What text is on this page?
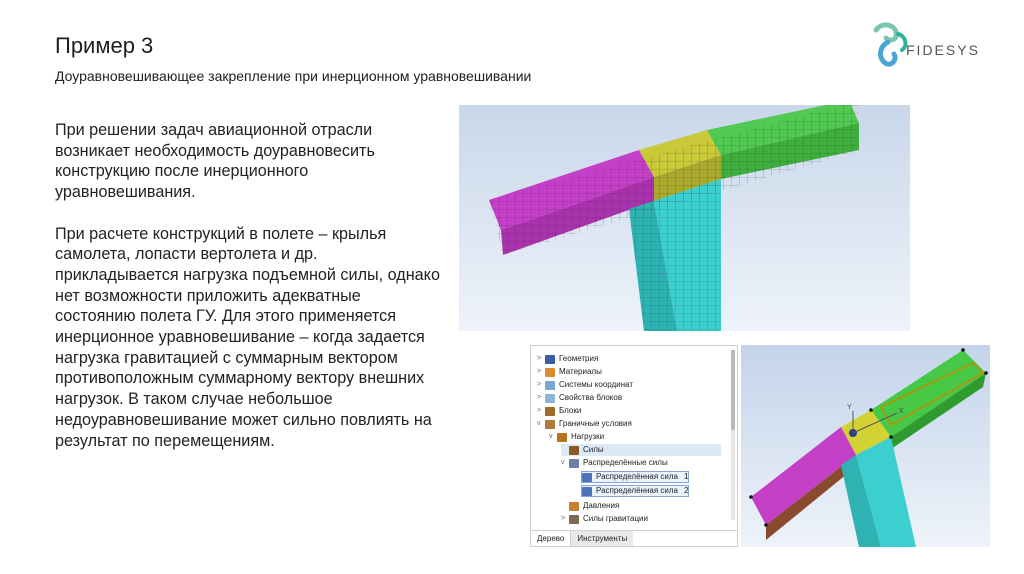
Пример 3
Доуравновешивающее закрепление при инерционном уравновешивании
FIDESYS

При решении задач авиационной отрасли возникает необходимость доуравновесить конструкцию после инерционного уравновешивания.

При расчете конструкций в полете – крылья самолета, лопасти вертолета и др. прикладывается нагрузка подъемной силы, однако нет возможности приложить адекватные состоянию полета ГУ. Для этого применяется инерционное уравновешивание – когда задается нагрузка гравитацией с суммарным вектором противоположным суммарному вектору внешних нагрузок. В таком случае небольшое недоуравновешивание может сильно повлиять на результат по перемещениям.

>	Геометрия
>	Материалы
>	Системы координат
>	Свойства блоков
>	Блоки
v	Граничные условия
v	Нагрузки
Силы
v	Распределённые силы
Распределённая сила 1
Распределённая сила 2
Давления
>	Силы гравитации
Дерево	Инструменты
Y
X
